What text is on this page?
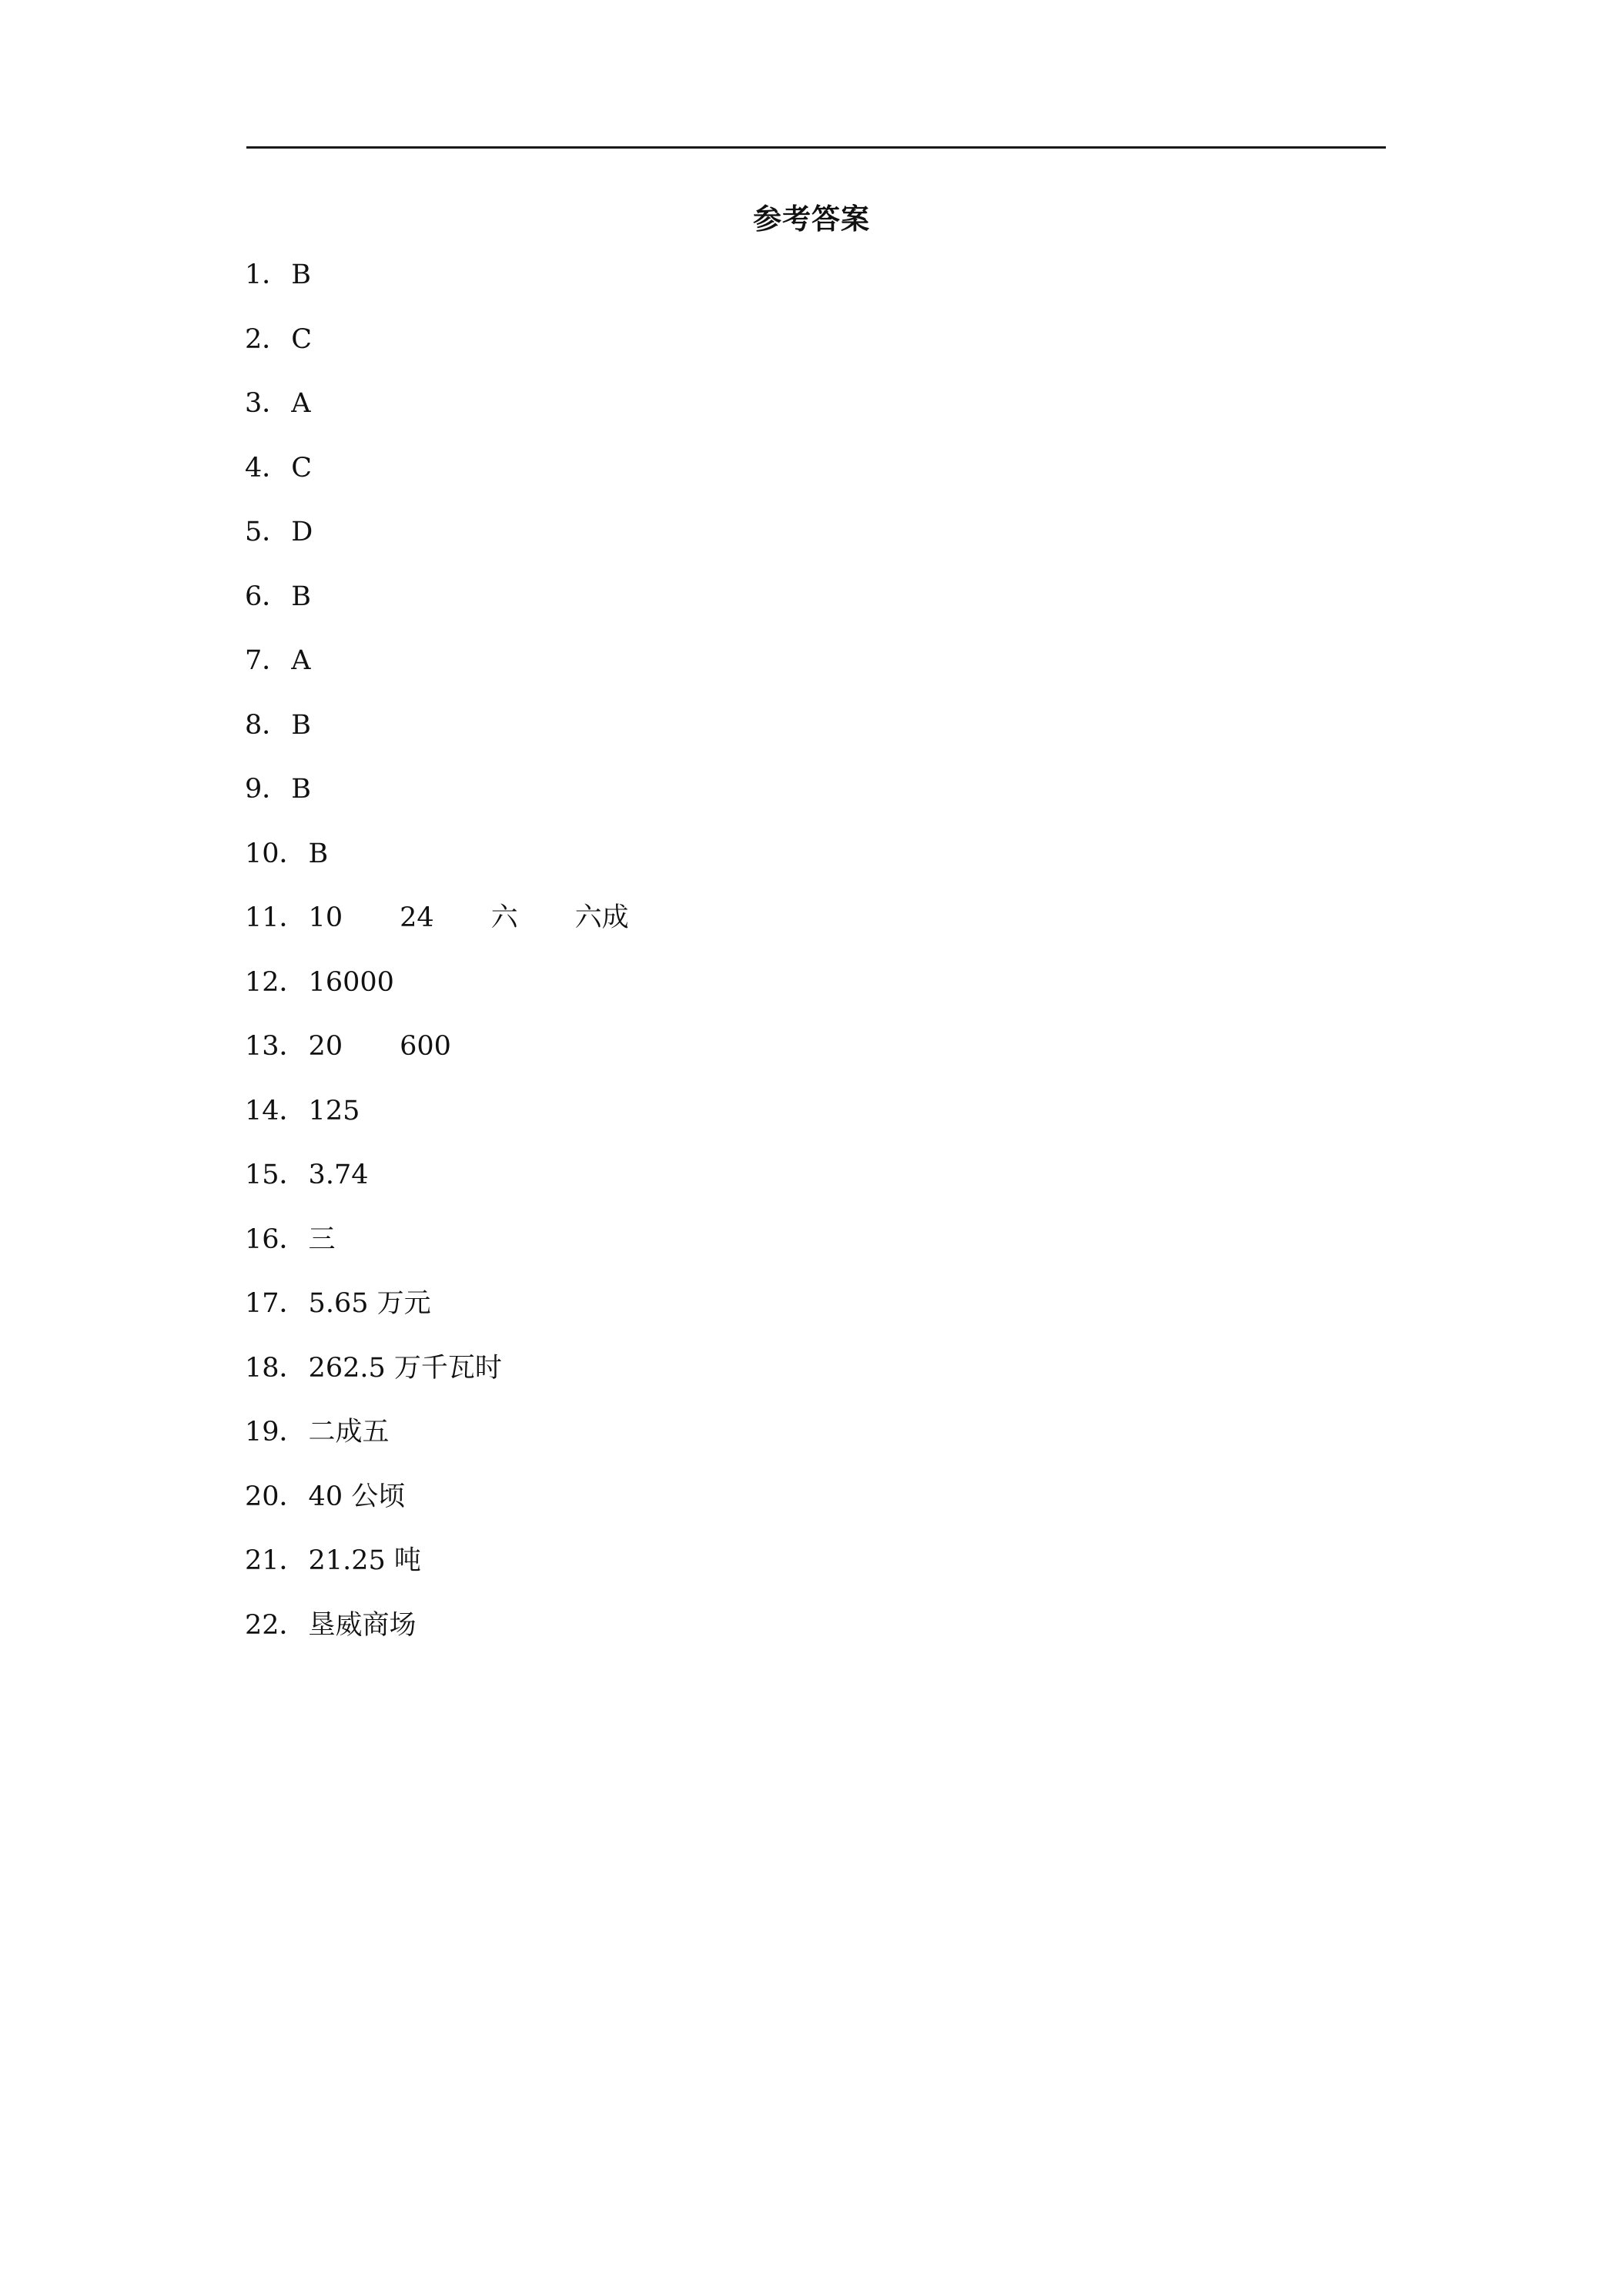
参考答案
1 ． B
2 ． C
3 ． A
4 ． C
5 ． D
6 ． B
7 ． A
8 ． B
9 ． B
10 ． B
11 ． 10 24 六 六成
12 ． 16000
13 ． 20 600
14 ． 125
15 ． 3.74
16 ． 三
17 ． 5.65 万元
18 ． 262.5 万千瓦时
19 ． 二成五
20 ． 40 公顷
21 ． 21.25 吨
22 ． 垦威商场
